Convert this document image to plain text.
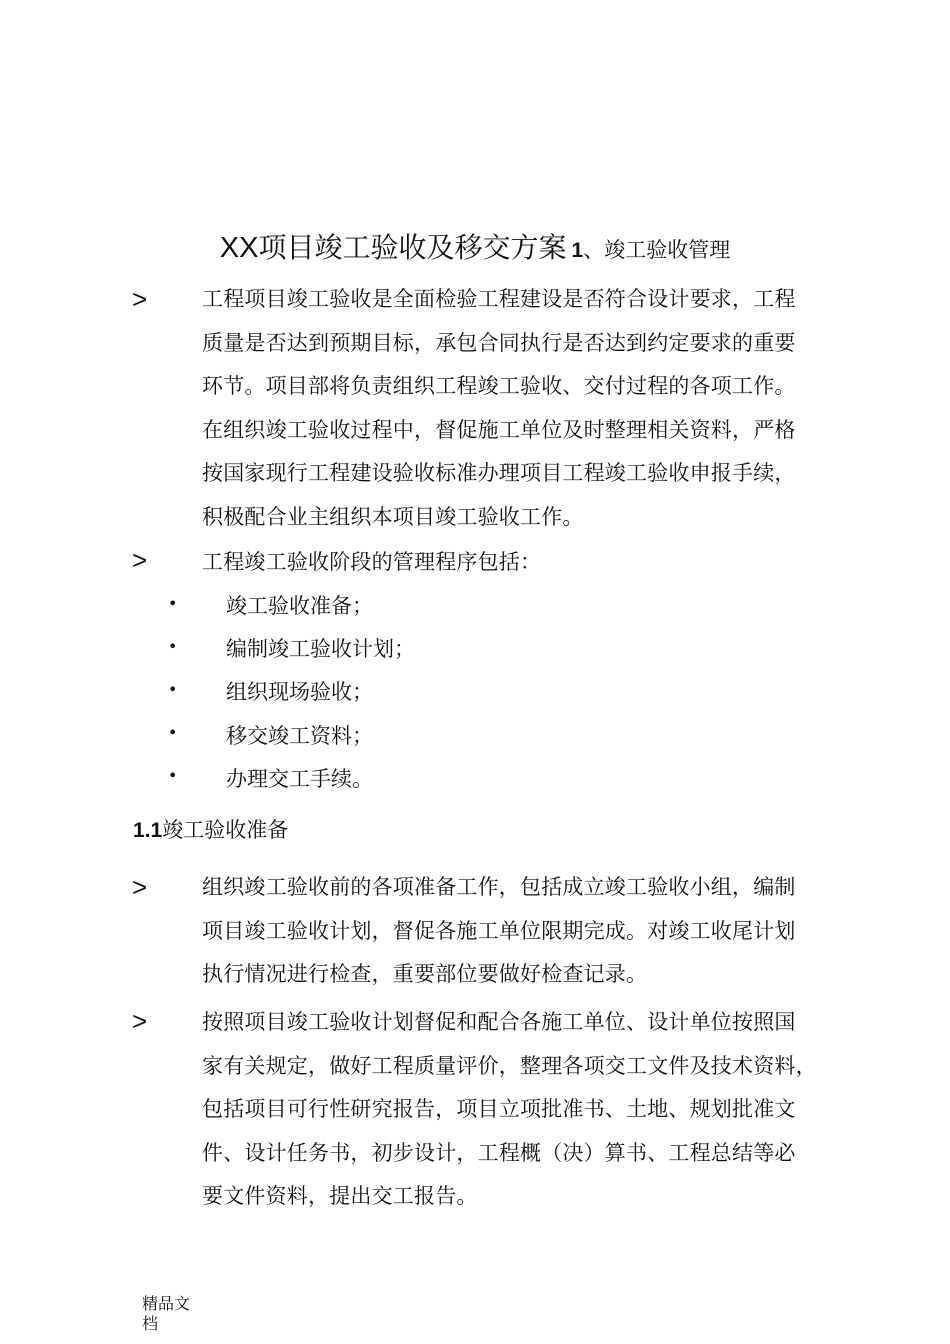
XX项目竣工验收及移交方案 1、竣工验收管理
>	工程项目竣工验收是全面检验工程建设是否符合设计要求，工程
质量是否达到预期目标，承包合同执行是否达到约定要求的重要
环节。项目部将负责组织工程竣工验收、交付过程的各项工作。
在组织竣工验收过程中，督促施工单位及时整理相关资料，严格
按国家现行工程建设验收标准办理项目工程竣工验收申报手续，
积极配合业主组织本项目竣工验收工作。
>	工程竣工验收阶段的管理程序包括：
• 竣工验收准备；
• 编制竣工验收计划；
• 组织现场验收；
• 移交竣工资料；
• 办理交工手续。
1.1竣工验收准备
>	组织竣工验收前的各项准备工作，包括成立竣工验收小组，编制
项目竣工验收计划，督促各施工单位限期完成。对竣工收尾计划
执行情况进行检查，重要部位要做好检查记录。
>	按照项目竣工验收计划督促和配合各施工单位、设计单位按照国
家有关规定，做好工程质量评价，整理各项交工文件及技术资料，
包括项目可行性研究报告，项目立项批准书、土地、规划批准文
件、设计任务书，初步设计，工程概（决）算书、工程总结等必
要文件资料，提出交工报告。
精品文
档
